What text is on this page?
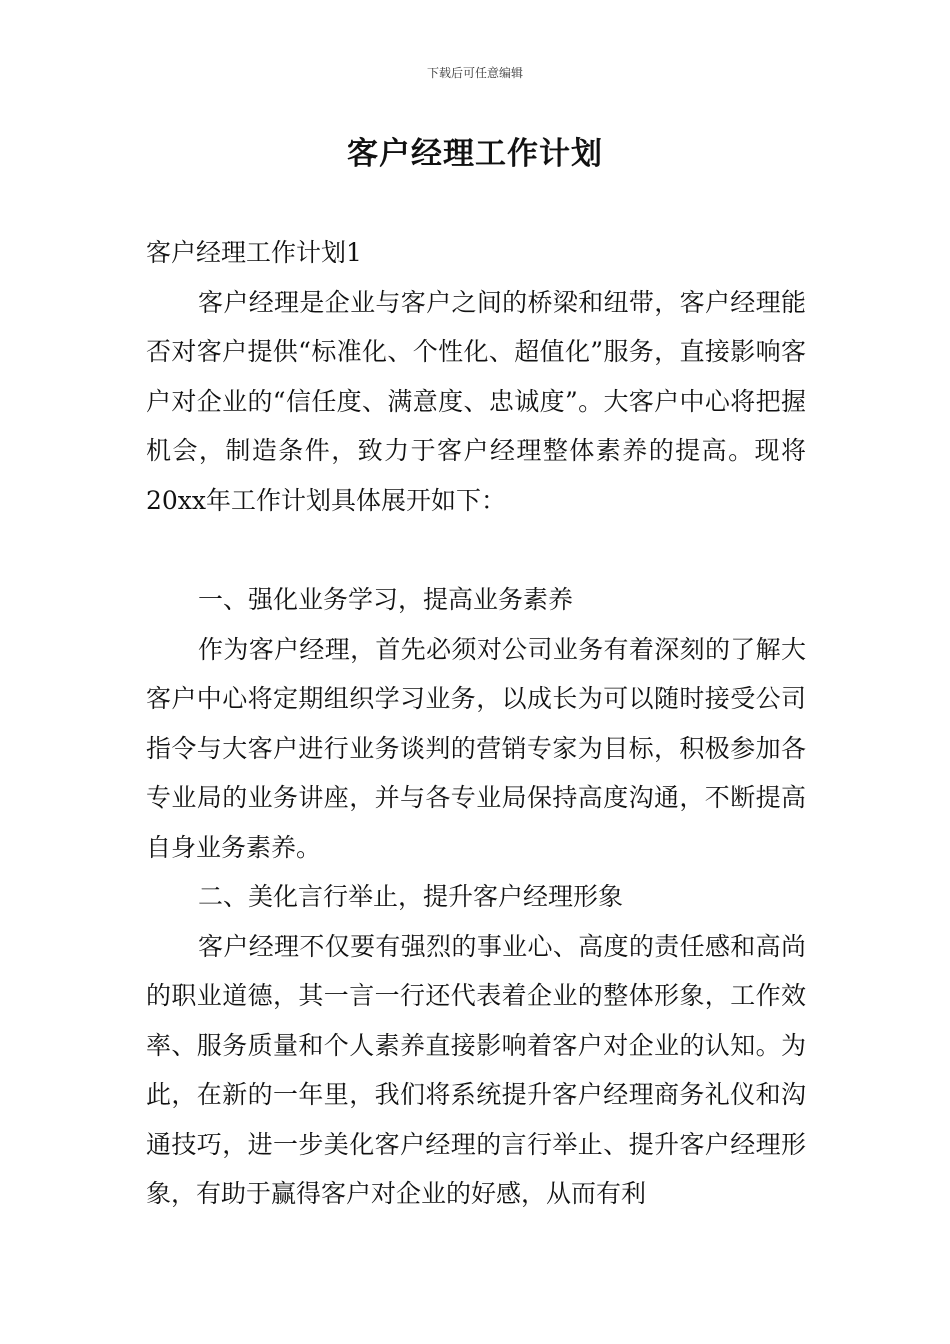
下载后可任意编辑
客户经理工作计划
客户经理工作计划1

客户经理是企业与客户之间的桥梁和纽带，客户经理能否对客户提供“标准化、个性化、超值化”服务，直接影响客户对企业的“信任度、满意度、忠诚度”。大客户中心将把握机会，制造条件，致力于客户经理整体素养的提高。现将20xx年工作计划具体展开如下：

一、强化业务学习，提高业务素养

作为客户经理，首先必须对公司业务有着深刻的了解大客户中心将定期组织学习业务，以成长为可以随时接受公司指令与大客户进行业务谈判的营销专家为目标，积极参加各专业局的业务讲座，并与各专业局保持高度沟通，不断提高自身业务素养。

二、美化言行举止，提升客户经理形象

客户经理不仅要有强烈的事业心、高度的责任感和高尚的职业道德，其一言一行还代表着企业的整体形象，工作效率、服务质量和个人素养直接影响着客户对企业的认知。为此，在新的一年里，我们将系统提升客户经理商务礼仪和沟通技巧，进一步美化客户经理的言行举止、提升客户经理形象，有助于赢得客户对企业的好感，从而有利
